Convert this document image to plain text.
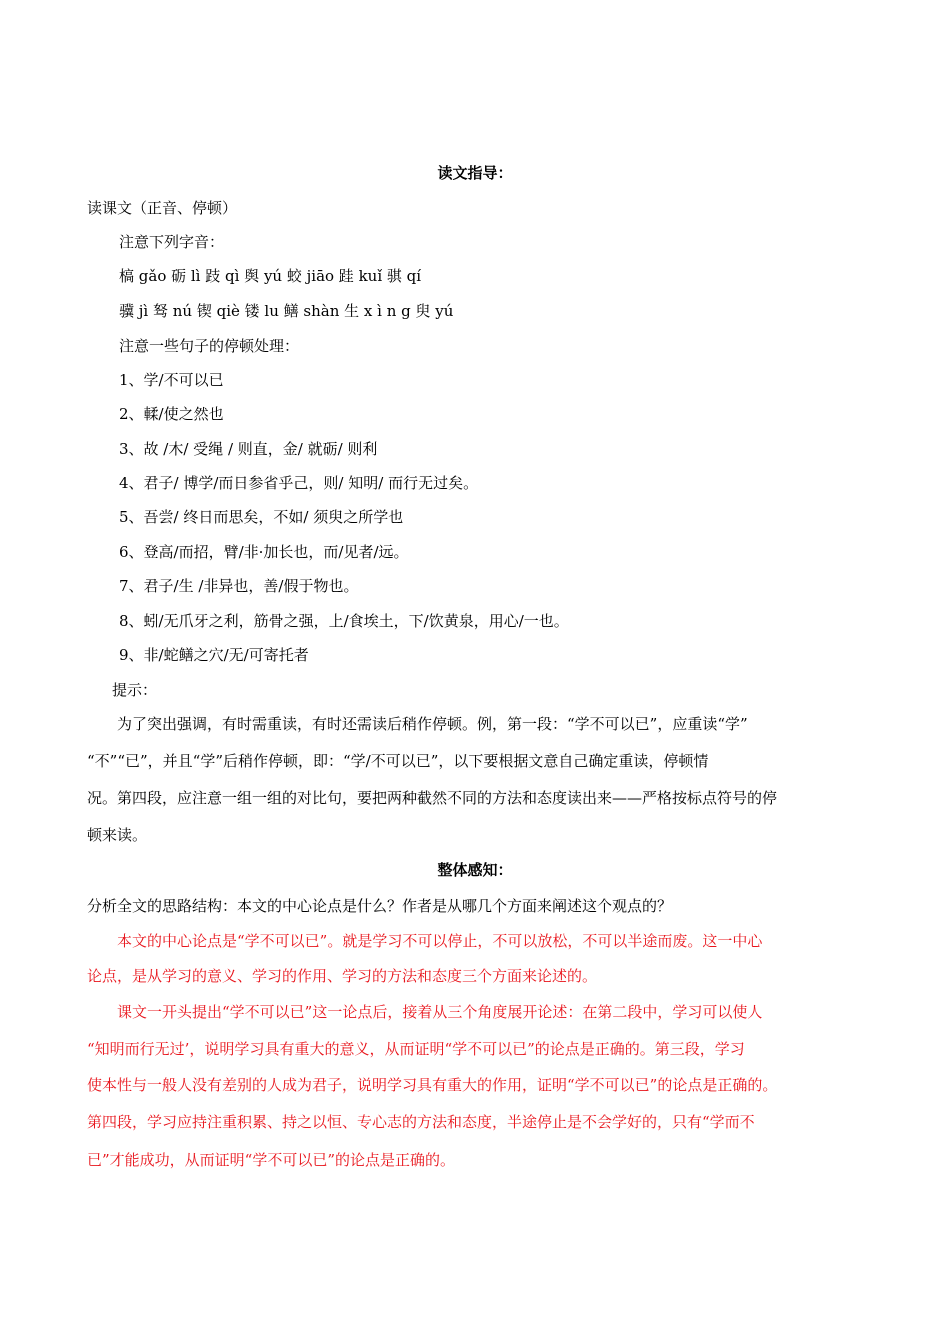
读文指导：
读课文（正音、停顿）
注意下列字音：
槁 gǎo 砺 lì 跂 qì 舆 yú 蛟 jiāo 跬 kuǐ 骐 qí
骥 jì 驽 nú 锲 qiè 镂 lu 鳝 shàn 生 x ì n g 臾 yú
注意一些句子的停顿处理：
1、学/不可以已
2、輮/使之然也
3、故 /木/ 受绳 / 则直，金/ 就砺/ 则利
4、君子/ 博学/而日参省乎己，则/ 知明/ 而行无过矣。
5、吾尝/ 终日而思矣，不如/ 须臾之所学也
6、登高/而招，臂/非·加长也，而/见者/远。
7、君子/生 /非异也，善/假于物也。
8、蚓/无爪牙之利，筋骨之强，上/食埃土，下/饮黄泉，用心/一也。
9、非/蛇鳝之穴/无/可寄托者
提示：
为了突出强调，有时需重读，有时还需读后稍作停顿。例，第一段：“学不可以已”，应重读“学”
“不”“已”，并且“学”后稍作停顿，即：“学/不可以已”，以下要根据文意自己确定重读，停顿情
况。第四段，应注意一组一组的对比句，要把两种截然不同的方法和态度读出来——严格按标点符号的停
顿来读。
整体感知：
分析全文的思路结构：本文的中心论点是什么？作者是从哪几个方面来阐述这个观点的？
本文的中心论点是“学不可以已”。就是学习不可以停止，不可以放松，不可以半途而废。这一中心
论点，是从学习的意义、学习的作用、学习的方法和态度三个方面来论述的。
课文一开头提出“学不可以已”这一论点后，接着从三个角度展开论述：在第二段中，学习可以使人
“知明而行无过’，说明学习具有重大的意义，从而证明“学不可以已”的论点是正确的。第三段，学习
使本性与一般人没有差别的人成为君子，说明学习具有重大的作用，证明“学不可以已”的论点是正确的。
第四段，学习应持注重积累、持之以恒、专心志的方法和态度，半途停止是不会学好的，只有“学而不
已”才能成功，从而证明“学不可以已”的论点是正确的。
